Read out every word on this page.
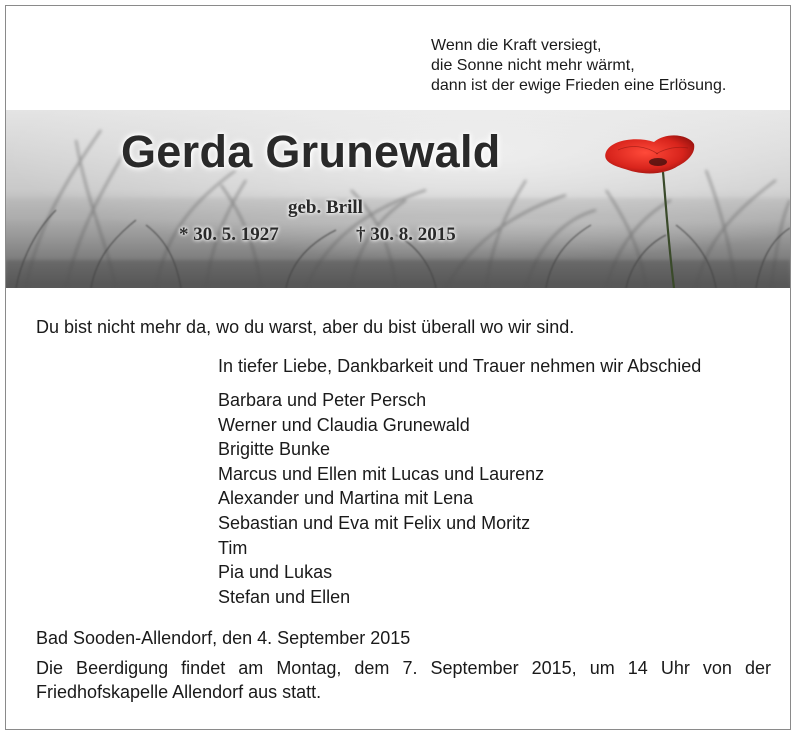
Wenn die Kraft versiegt,
die Sonne nicht mehr wärmt,
dann ist der ewige Frieden eine Erlösung.
Gerda Grunewald
geb. Brill
* 30. 5. 1927	† 30. 8. 2015
Du bist nicht mehr da, wo du warst, aber du bist überall wo wir sind.
In tiefer Liebe, Dankbarkeit und Trauer nehmen wir Abschied
Barbara und Peter Persch
Werner und Claudia Grunewald
Brigitte Bunke
Marcus und Ellen mit Lucas und Laurenz
Alexander und Martina mit Lena
Sebastian und Eva mit Felix und Moritz
Tim
Pia und Lukas
Stefan und Ellen
Bad Sooden-Allendorf, den 4. September 2015
Die Beerdigung findet am Montag, dem 7. September 2015, um 14 Uhr von der
Friedhofskapelle Allendorf aus statt.
